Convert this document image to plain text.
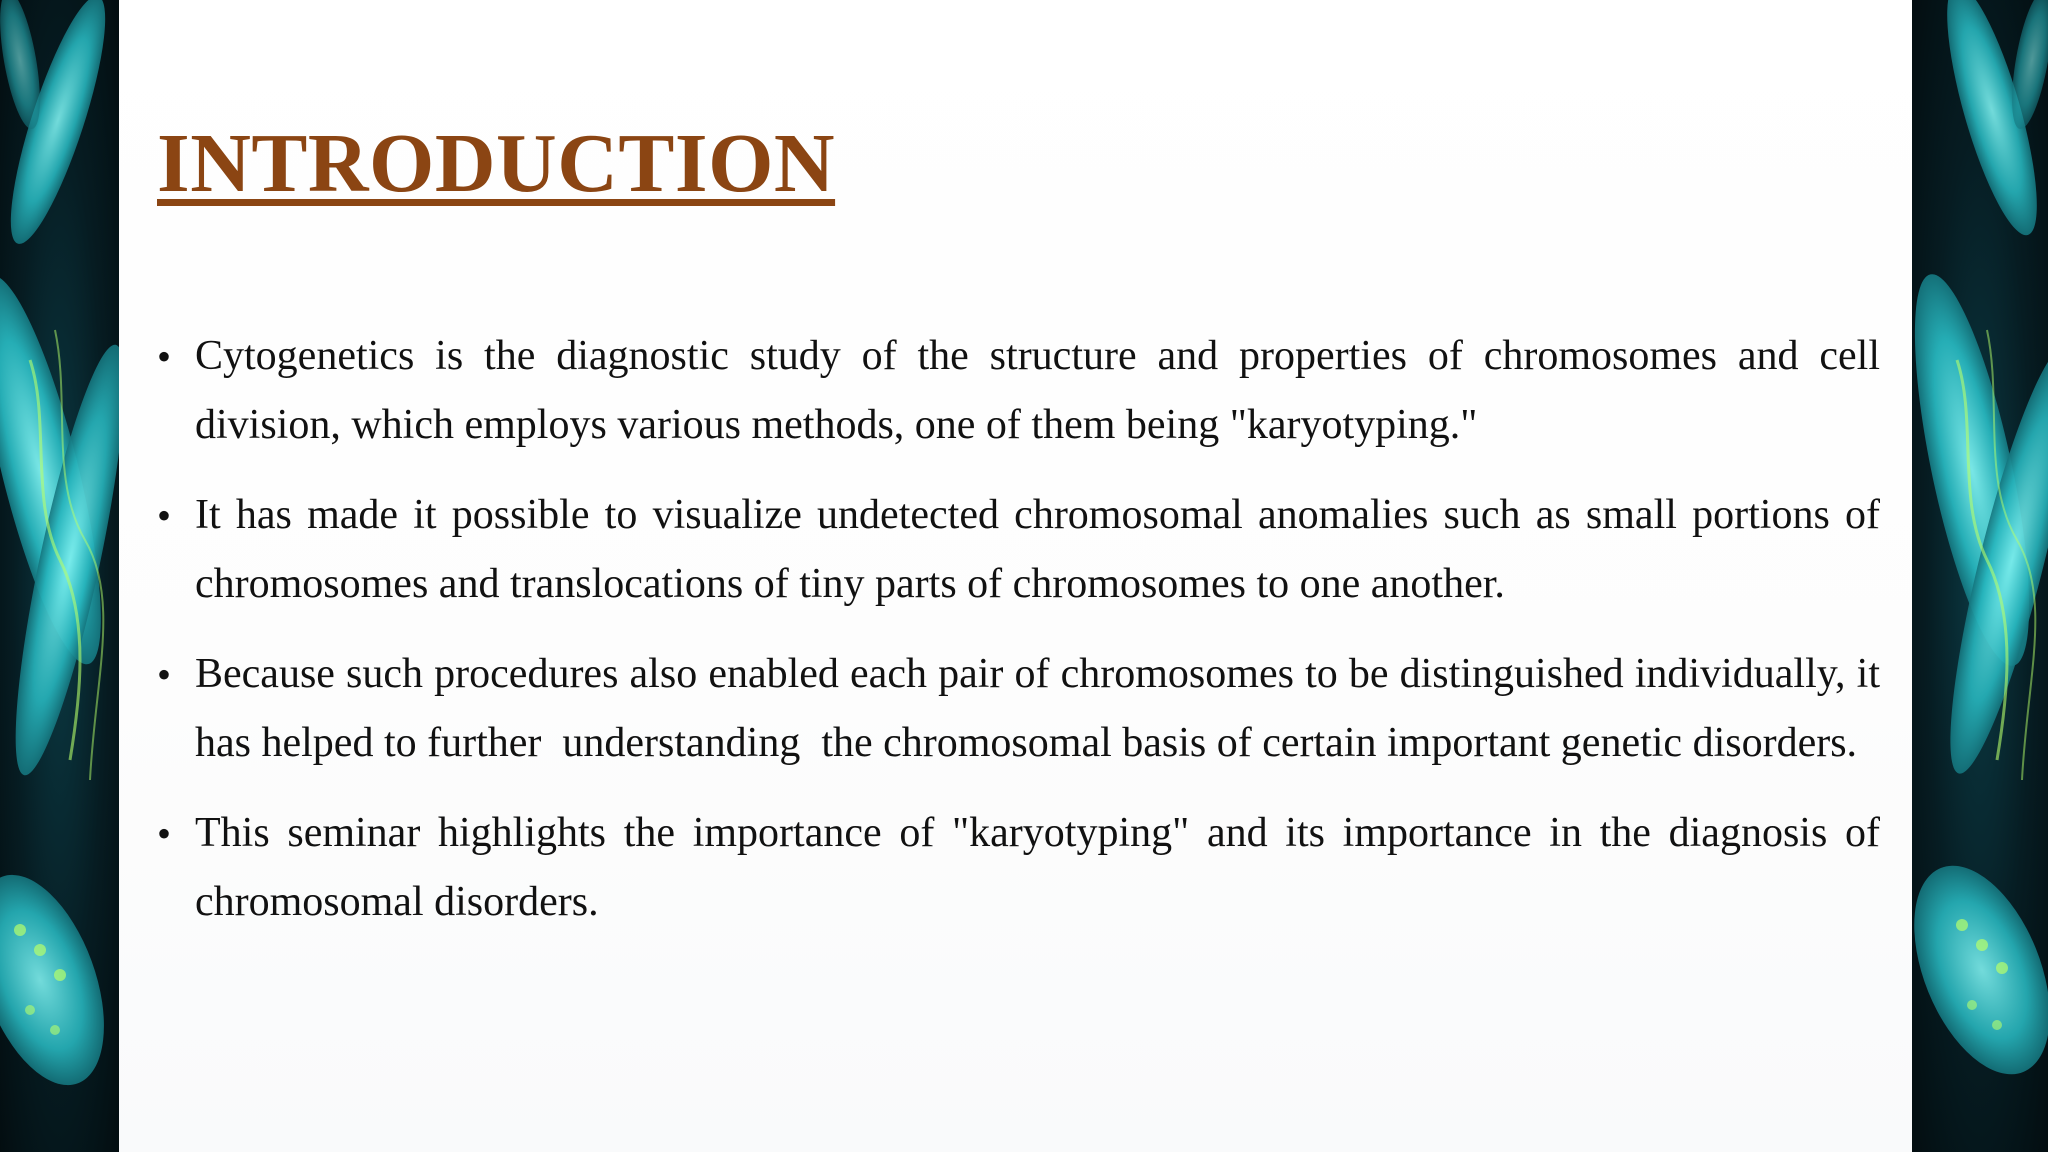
INTRODUCTION
• Cytogenetics is the diagnostic study of the structure and properties of chromosomes and cell division, which employs various methods, one of them being "karyotyping."
• It has made it possible to visualize undetected chromosomal anomalies such as small portions of chromosomes and translocations of tiny parts of chromosomes to one another.
• Because such procedures also enabled each pair of chromosomes to be distinguished individually, it has helped to further  understanding  the chromosomal basis of certain important genetic disorders.
• This seminar highlights the importance of "karyotyping" and its importance in the diagnosis of chromosomal disorders.
